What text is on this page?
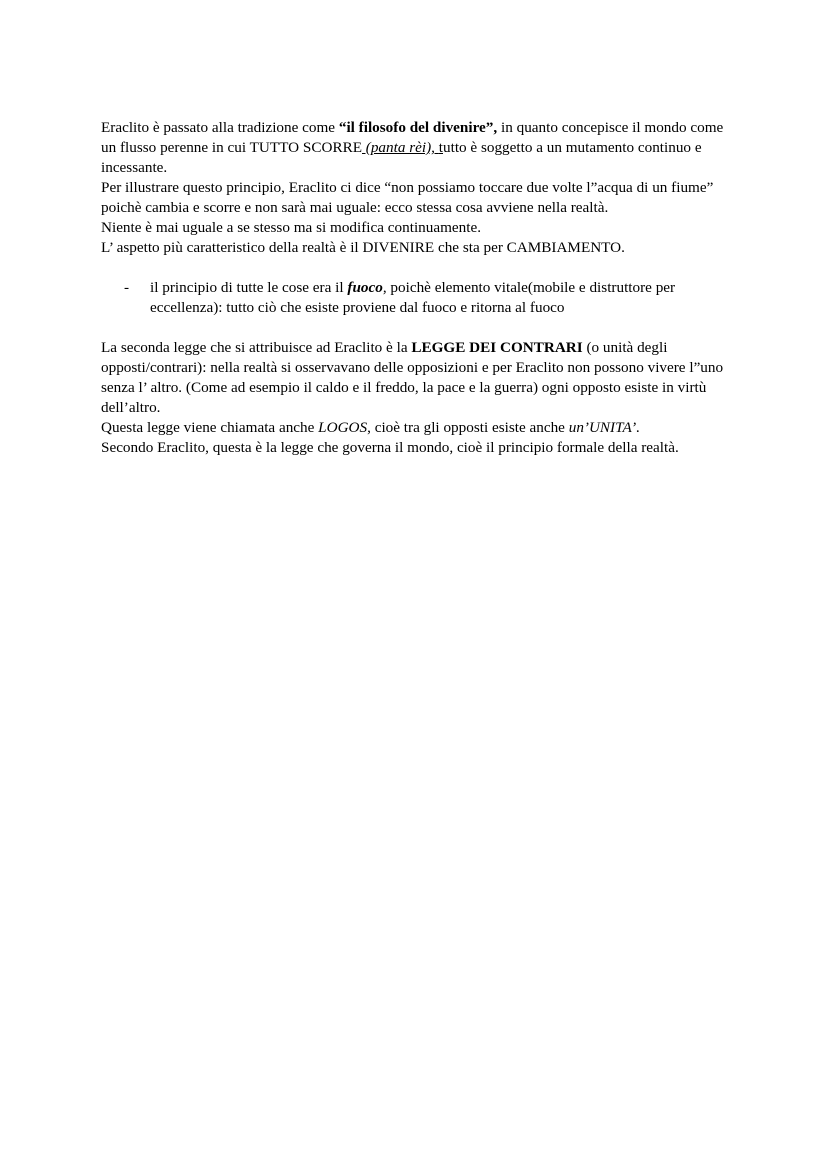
Eraclito è passato alla tradizione come “il filosofo del divenire”, in quanto concepisce il mondo come un flusso perenne in cui TUTTO SCORRE (panta rèi), tutto è soggetto a un mutamento continuo e incessante.

Per illustrare questo principio, Eraclito ci dice “non possiamo toccare due volte l”acqua di un fiume” poichè cambia e scorre e non sarà mai uguale: ecco stessa cosa avviene nella realtà.

Niente è mai uguale a se stesso ma si modifica continuamente.

L’ aspetto più caratteristico della realtà è il DIVENIRE che sta per CAMBIAMENTO.

- il principio di tutte le cose era il fuoco, poichè elemento vitale(mobile e distruttore per eccellenza): tutto ciò che esiste proviene dal fuoco e ritorna al fuoco

La seconda legge che si attribuisce ad Eraclito è la LEGGE DEI CONTRARI (o unità degli opposti/contrari): nella realtà si osservavano delle opposizioni e per Eraclito non possono vivere l”uno senza l’ altro. (Come ad esempio il caldo e il freddo, la pace e la guerra) ogni opposto esiste in virtù dell’altro.

Questa legge viene chiamata anche LOGOS, cioè tra gli opposti esiste anche un’UNITA’.

Secondo Eraclito, questa è la legge che governa il mondo, cioè il principio formale della realtà.
